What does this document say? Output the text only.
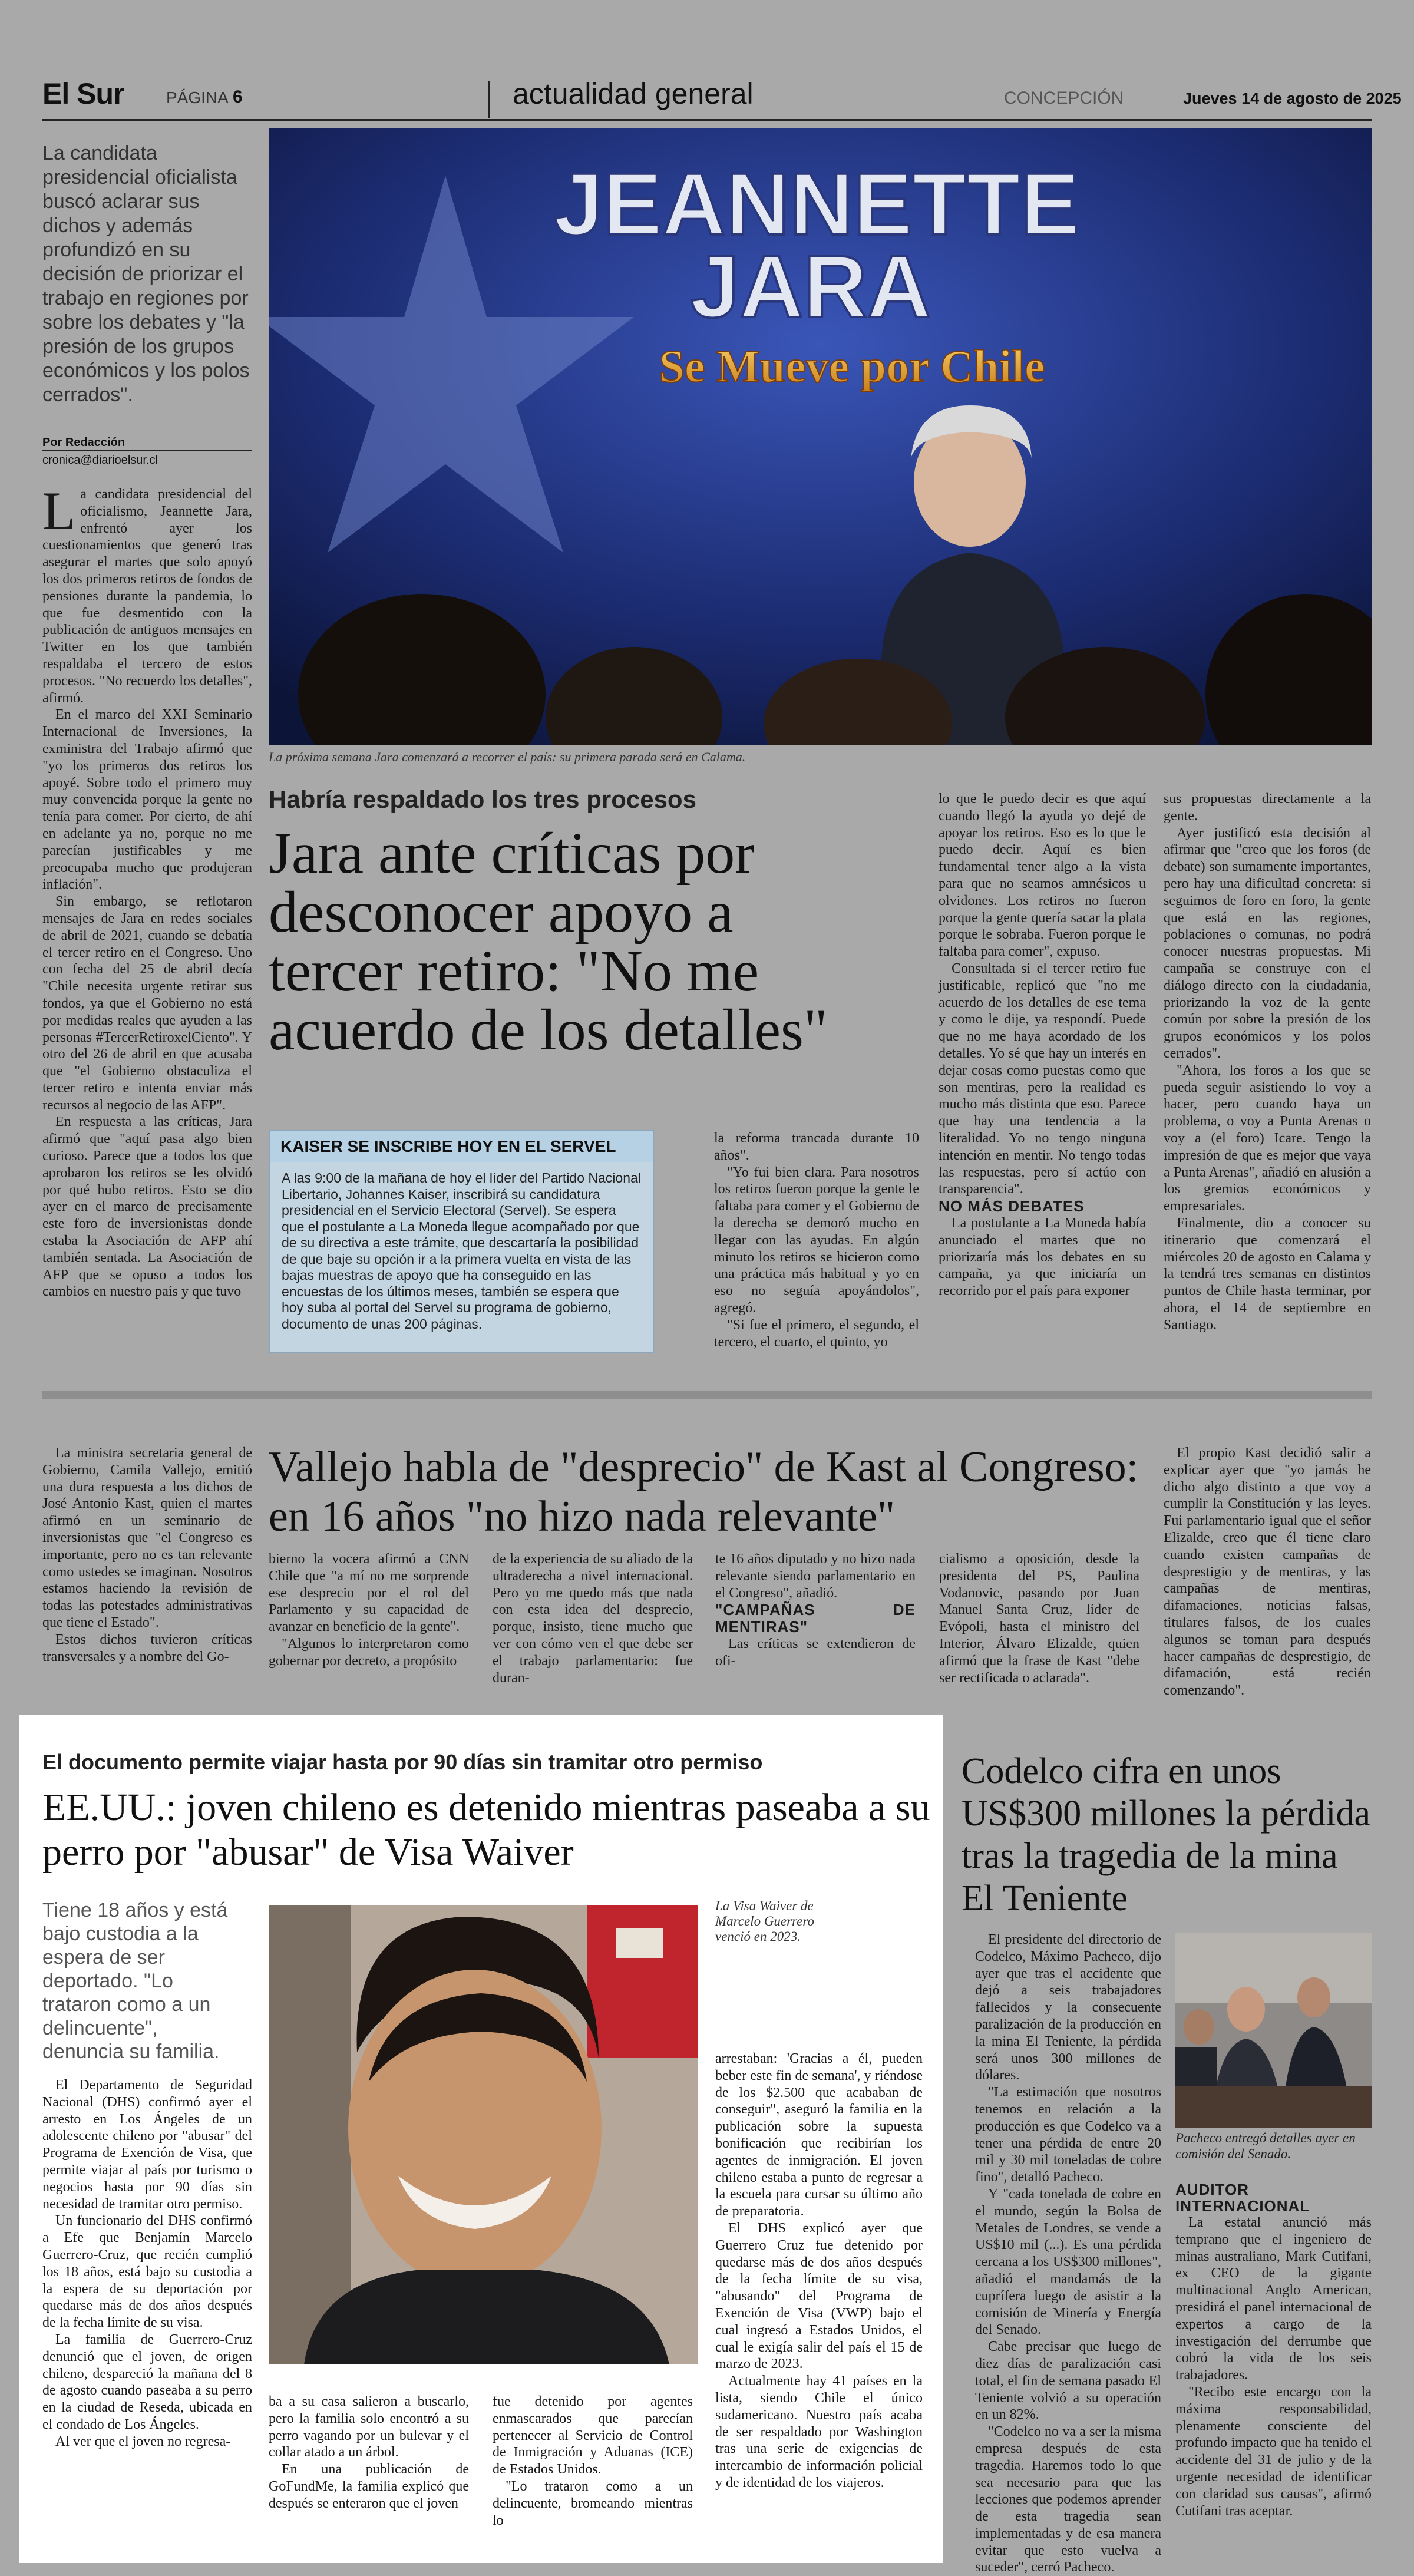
El Sur	PÁGINA 6	actualidad general	CONCEPCIÓN	Jueves 14 de agosto de 2025
La candidata presidencial oficialista buscó aclarar sus dichos y además profundizó en su decisión de priorizar el trabajo en regiones por sobre los debates y "la presión de los grupos económicos y los polos cerrados".
Por Redacción
cronica@diarioelsur.cl
L a candidata presidencial del oficialismo, Jeannette Jara, enfrentó ayer los cuestionamientos que generó tras asegurar el martes que solo apoyó los dos primeros retiros de fondos de pensiones durante la pandemia, lo que fue desmentido con la publicación de antiguos mensajes en Twitter en los que también respaldaba el tercero de estos procesos. "No recuerdo los detalles", afirmó.

En el marco del XXI Seminario Internacional de Inversiones, la exministra del Trabajo afirmó que "yo los primeros dos retiros los apoyé. Sobre todo el primero muy muy convencida porque la gente no tenía para comer. Por cierto, de ahí en adelante ya no, porque no me parecían justificables y me preocupaba mucho que produjeran inflación".

Sin embargo, se reflotaron mensajes de Jara en redes sociales de abril de 2021, cuando se debatía el tercer retiro en el Congreso. Uno con fecha del 25 de abril decía "Chile necesita urgente retirar sus fondos, ya que el Gobierno no está por medidas reales que ayuden a las personas #TercerRetiroxelCiento". Y otro del 26 de abril en que acusaba que "el Gobierno obstaculiza el tercer retiro e intenta enviar más recursos al negocio de las AFP".

En respuesta a las críticas, Jara afirmó que "aquí pasa algo bien curioso. Parece que a todos los que aprobaron los retiros se les olvidó por qué hubo retiros. Esto se dio ayer en el marco de precisamente este foro de inversionistas donde estaba la Asociación de AFP ahí también sentada. La Asociación de AFP que se opuso a todos los cambios en nuestro país y que tuvo

JEANNETTE
JARA
Se Mueve por Chile
La próxima semana Jara comenzará a recorrer el país: su primera parada será en Calama.
Habría respaldado los tres procesos
Jara ante críticas por desconocer apoyo a tercer retiro: "No me acuerdo de los detalles"
KAISER SE INSCRIBE HOY EN EL SERVEL
A las 9:00 de la mañana de hoy el líder del Partido Nacional Libertario, Johannes Kaiser, inscribirá su candidatura presidencial en el Servicio Electoral (Servel). Se espera que el postulante a La Moneda llegue acompañado por que de su directiva a este trámite, que descartaría la posibilidad de que baje su opción ir a la primera vuelta en vista de las bajas muestras de apoyo que ha conseguido en las encuestas de los últimos meses, también se espera que hoy suba al portal del Servel su programa de gobierno, documento de unas 200 páginas.

la reforma trancada durante 10 años".

"Yo fui bien clara. Para nosotros los retiros fueron porque la gente le faltaba para comer y el Gobierno de la derecha se demoró mucho en llegar con las ayudas. En algún minuto los retiros se hicieron como una práctica más habitual y yo en eso no seguía apoyándolos", agregó.

"Si fue el primero, el segundo, el tercero, el cuarto, el quinto, yo

lo que le puedo decir es que aquí cuando llegó la ayuda yo dejé de apoyar los retiros. Eso es lo que le puedo decir. Aquí es bien fundamental tener algo a la vista para que no seamos amnésicos u olvidones. Los retiros no fueron porque la gente quería sacar la plata porque le sobraba. Fueron porque le faltaba para comer", expuso.

Consultada si el tercer retiro fue justificable, replicó que "no me acuerdo de los detalles de ese tema y como le dije, ya respondí. Puede que no me haya acordado de los detalles. Yo sé que hay un interés en dejar cosas como puestas como que son mentiras, pero la realidad es mucho más distinta que eso. Parece que hay una tendencia a la literalidad. Yo no tengo ninguna intención en mentir. No tengo todas las respuestas, pero sí actúo con transparencia".

NO MÁS DEBATES

La postulante a La Moneda había anunciado el martes que no priorizaría más los debates en su campaña, ya que iniciaría un recorrido por el país para exponer

sus propuestas directamente a la gente.

Ayer justificó esta decisión al afirmar que "creo que los foros (de debate) son sumamente importantes, pero hay una dificultad concreta: si seguimos de foro en foro, la gente que está en las regiones, poblaciones o comunas, no podrá conocer nuestras propuestas. Mi campaña se construye con el diálogo directo con la ciudadanía, priorizando la voz de la gente común por sobre la presión de los grupos económicos y los polos cerrados".

"Ahora, los foros a los que se pueda seguir asistiendo lo voy a hacer, pero cuando haya un problema, o voy a Punta Arenas o voy a (el foro) Icare. Tengo la impresión de que es mejor que vaya a Punta Arenas", añadió en alusión a los gremios económicos y empresariales.

Finalmente, dio a conocer su itinerario que comenzará el miércoles 20 de agosto en Calama y la tendrá tres semanas en distintos puntos de Chile hasta terminar, por ahora, el 14 de septiembre en Santiago.

La ministra secretaria general de Gobierno, Camila Vallejo, emitió una dura respuesta a los dichos de José Antonio Kast, quien el martes afirmó en un seminario de inversionistas que "el Congreso es importante, pero no es tan relevante como ustedes se imaginan. Nosotros estamos haciendo la revisión de todas las potestades administrativas que tiene el Estado".

Estos dichos tuvieron críticas transversales y a nombre del Go-

Vallejo habla de "desprecio" de Kast al Congreso: en 16 años "no hizo nada relevante"

bierno la vocera afirmó a CNN Chile que "a mí no me sorprende ese desprecio por el rol del Parlamento y su capacidad de avanzar en beneficio de la gente".

"Algunos lo interpretaron como gobernar por decreto, a propósito

de la experiencia de su aliado de la ultraderecha a nivel internacional. Pero yo me quedo más que nada con esta idea del desprecio, porque, insisto, tiene mucho que ver con cómo ven el que debe ser el trabajo parlamentario: fue duran-

te 16 años diputado y no hizo nada relevante siendo parlamentario en el Congreso", añadió.

"CAMPAÑAS DE MENTIRAS"

Las críticas se extendieron de ofi-

cialismo a oposición, desde la presidenta del PS, Paulina Vodanovic, pasando por Juan Manuel Santa Cruz, líder de Evópoli, hasta el ministro del Interior, Álvaro Elizalde, quien afirmó que la frase de Kast "debe ser rectificada o aclarada".

El propio Kast decidió salir a explicar ayer que "yo jamás he dicho algo distinto a que voy a cumplir la Constitución y las leyes. Fui parlamentario igual que el señor Elizalde, creo que él tiene claro cuando existen campañas de desprestigio y de mentiras, y las campañas de mentiras, difamaciones, noticias falsas, titulares falsos, de los cuales algunos se toman para después hacer campañas de desprestigio, de difamación, está recién comenzando".

El documento permite viajar hasta por 90 días sin tramitar otro permiso
EE.UU.: joven chileno es detenido mientras paseaba a su perro por "abusar" de Visa Waiver
Tiene 18 años y está bajo custodia a la espera de ser deportado. "Lo trataron como a un delincuente", denuncia su familia.
La Visa Waiver de Marcelo Guerrero venció en 2023.

El Departamento de Seguridad Nacional (DHS) confirmó ayer el arresto en Los Ángeles de un adolescente chileno por "abusar" del Programa de Exención de Visa, que permite viajar al país por turismo o negocios hasta por 90 días sin necesidad de tramitar otro permiso.

Un funcionario del DHS confirmó a Efe que Benjamín Marcelo Guerrero-Cruz, que recién cumplió los 18 años, está bajo su custodia a la espera de su deportación por quedarse más de dos años después de la fecha límite de su visa.

La familia de Guerrero-Cruz denunció que el joven, de origen chileno, despareció la mañana del 8 de agosto cuando paseaba a su perro en la ciudad de Reseda, ubicada en el condado de Los Ángeles.

Al ver que el joven no regresa-

ba a su casa salieron a buscarlo, pero la familia solo encontró a su perro vagando por un bulevar y el collar atado a un árbol.

En una publicación de GoFundMe, la familia explicó que después se enteraron que el joven

fue detenido por agentes enmascarados que parecían pertenecer al Servicio de Control de Inmigración y Aduanas (ICE) de Estados Unidos.

"Lo trataron como a un delincuente, bromeando mientras lo

arrestaban: 'Gracias a él, pueden beber este fin de semana', y riéndose de los $2.500 que acababan de conseguir", aseguró la familia en la publicación sobre la supuesta bonificación que recibirían los agentes de inmigración. El joven chileno estaba a punto de regresar a la escuela para cursar su último año de preparatoria.

El DHS explicó ayer que Guerrero Cruz fue detenido por quedarse más de dos años después de la fecha límite de su visa, "abusando" del Programa de Exención de Visa (VWP) bajo el cual ingresó a Estados Unidos, el cual le exigía salir del país el 15 de marzo de 2023.

Actualmente hay 41 países en la lista, siendo Chile el único sudamericano. Nuestro país acaba de ser respaldado por Washington tras una serie de exigencias de intercambio de información policial y de identidad de los viajeros.

Codelco cifra en unos US$300 millones la pérdida tras la tragedia de la mina El Teniente

El presidente del directorio de Codelco, Máximo Pacheco, dijo ayer que tras el accidente que dejó a seis trabajadores fallecidos y la consecuente paralización de la producción en la mina El Teniente, la pérdida será unos 300 millones de dólares.

"La estimación que nosotros tenemos en relación a la producción es que Codelco va a tener una pérdida de entre 20 mil y 30 mil toneladas de cobre fino", detalló Pacheco.

Y "cada tonelada de cobre en el mundo, según la Bolsa de Metales de Londres, se vende a US$10 mil (...). Es una pérdida cercana a los US$300 millones", añadió el mandamás de la cuprífera luego de asistir a la comisión de Minería y Energía del Senado.

Cabe precisar que luego de diez días de paralización casi total, el fin de semana pasado El Teniente volvió a su operación en un 82%.

"Codelco no va a ser la misma empresa después de esta tragedia. Haremos todo lo que sea necesario para que las lecciones que podemos aprender de esta tragedia sean implementadas y de esa manera evitar que esto vuelva a suceder", cerró Pacheco.

Pacheco entregó detalles ayer en comisión del Senado.

AUDITOR INTERNACIONAL

La estatal anunció más temprano que el ingeniero de minas australiano, Mark Cutifani, ex CEO de la gigante multinacional Anglo American, presidirá el panel internacional de expertos a cargo de la investigación del derrumbe que cobró la vida de los seis trabajadores.

"Recibo este encargo con la máxima responsabilidad, plenamente consciente del profundo impacto que ha tenido el accidente del 31 de julio y de la urgente necesidad de identificar con claridad sus causas", afirmó Cutifani tras aceptar.
